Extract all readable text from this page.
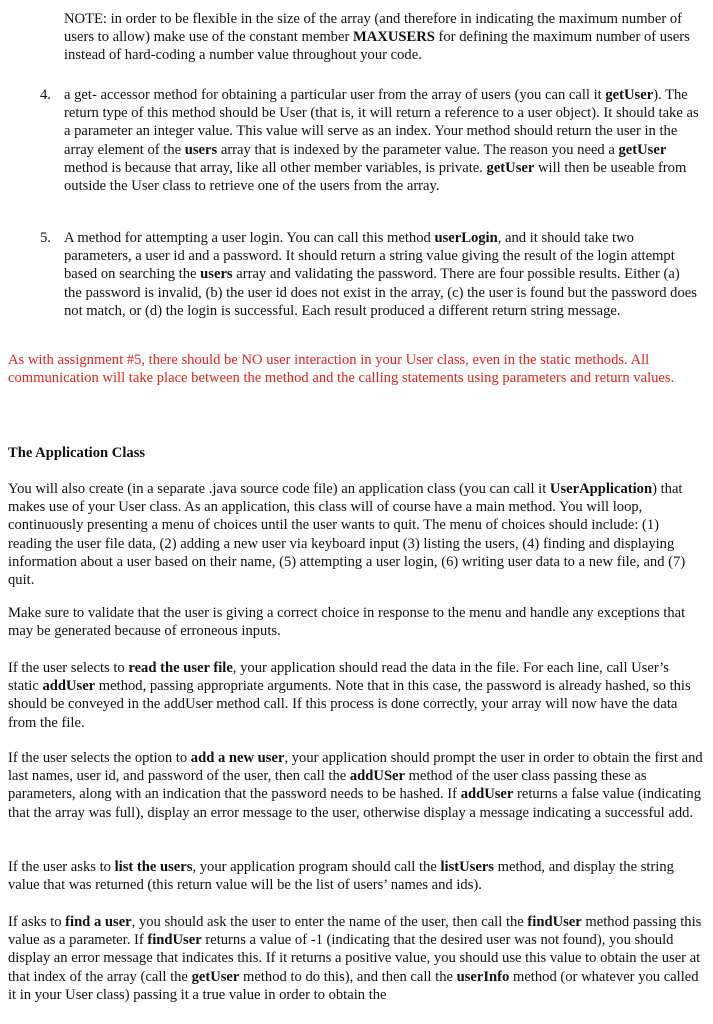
NOTE: in order to be flexible in the size of the array (and therefore in indicating the maximum number of users to allow) make use of the constant member MAXUSERS for defining the maximum number of users instead of hard-coding a number value throughout your code.

4. a get- accessor method for obtaining a particular user from the array of users (you can call it getUser). The return type of this method should be User (that is, it will return a reference to a user object). It should take as a parameter an integer value. This value will serve as an index. Your method should return the user in the array element of the users array that is indexed by the parameter value. The reason you need a getUser method is because that array, like all other member variables, is private. getUser will then be useable from outside the User class to retrieve one of the users from the array.

5. A method for attempting a user login. You can call this method userLogin, and it should take two parameters, a user id and a password. It should return a string value giving the result of the login attempt based on searching the users array and validating the password. There are four possible results. Either (a) the password is invalid, (b) the user id does not exist in the array, (c) the user is found but the password does not match, or (d) the login is successful. Each result produced a different return string message.

As with assignment #5, there should be NO user interaction in your User class, even in the static methods. All communication will take place between the method and the calling statements using parameters and return values.

The Application Class

You will also create (in a separate .java source code file) an application class (you can call it UserApplication) that makes use of your User class. As an application, this class will of course have a main method. You will loop, continuously presenting a menu of choices until the user wants to quit. The menu of choices should include: (1) reading the user file data, (2) adding a new user via keyboard input (3) listing the users, (4) finding and displaying information about a user based on their name, (5) attempting a user login, (6) writing user data to a new file, and (7) quit.

Make sure to validate that the user is giving a correct choice in response to the menu and handle any exceptions that may be generated because of erroneous inputs.

If the user selects to read the user file, your application should read the data in the file. For each line, call User’s static addUser method, passing appropriate arguments. Note that in this case, the password is already hashed, so this should be conveyed in the addUser method call. If this process is done correctly, your array will now have the data from the file.

If the user selects the option to add a new user, your application should prompt the user in order to obtain the first and last names, user id, and password of the user, then call the addUSer method of the user class passing these as parameters, along with an indication that the password needs to be hashed. If addUser returns a false value (indicating that the array was full), display an error message to the user, otherwise display a message indicating a successful add.

If the user asks to list the users, your application program should call the listUsers method, and display the string value that was returned (this return value will be the list of users’ names and ids).

If asks to find a user, you should ask the user to enter the name of the user, then call the findUser method passing this value as a parameter. If findUser returns a value of -1 (indicating that the desired user was not found), you should display an error message that indicates this. If it returns a positive value, you should use this value to obtain the user at that index of the array (call the getUser method to do this), and then call the userInfo method (or whatever you called it in your User class) passing it a true value in order to obtain the
